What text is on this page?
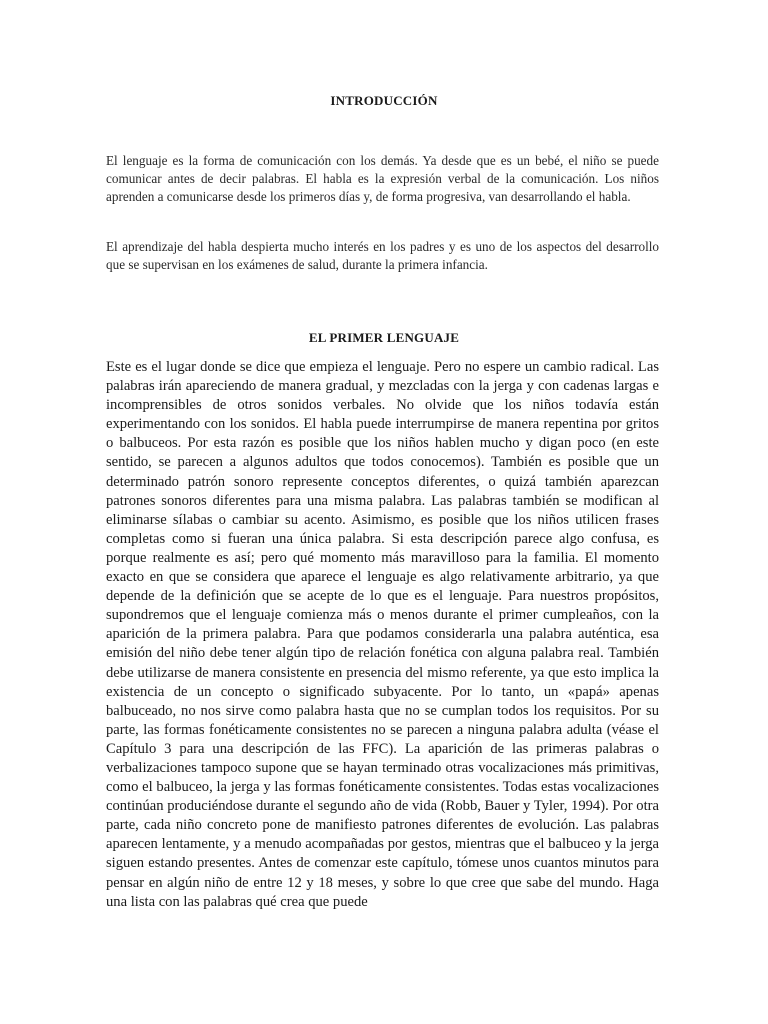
INTRODUCCIÓN

El lenguaje es la forma de comunicación con los demás. Ya desde que es un bebé, el niño se puede comunicar antes de decir palabras. El habla es la expresión verbal de la comunicación. Los niños aprenden a comunicarse desde los primeros días y, de forma progresiva, van desarrollando el habla.

El aprendizaje del habla despierta mucho interés en los padres y es uno de los aspectos del desarrollo que se supervisan en los exámenes de salud, durante la primera infancia.

EL PRIMER LENGUAJE

Este es el lugar donde se dice que empieza el lenguaje. Pero no espere un cambio radical. Las palabras irán apareciendo de manera gradual, y mezcladas con la jerga y con cadenas largas e incomprensibles de otros sonidos verbales. No olvide que los niños todavía están experimentando con los sonidos. El habla puede interrumpirse de manera repentina por gritos o balbuceos. Por esta razón es posible que los niños hablen mucho y digan poco (en este sentido, se parecen a algunos adultos que todos conocemos). También es posible que un determinado patrón sonoro represente conceptos diferentes, o quizá también aparezcan patrones sonoros diferentes para una misma palabra. Las palabras también se modifican al eliminarse sílabas o cambiar su acento. Asimismo, es posible que los niños utilicen frases completas como si fueran una única palabra. Si esta descripción parece algo confusa, es porque realmente es así; pero qué momento más maravilloso para la familia. El momento exacto en que se considera que aparece el lenguaje es algo relativamente arbitrario, ya que depende de la definición que se acepte de lo que es el lenguaje. Para nuestros propósitos, supondremos que el lenguaje comienza más o menos durante el primer cumpleaños, con la aparición de la primera palabra. Para que podamos considerarla una palabra auténtica, esa emisión del niño debe tener algún tipo de relación fonética con alguna palabra real. También debe utilizarse de manera consistente en presencia del mismo referente, ya que esto implica la existencia de un concepto o significado subyacente. Por lo tanto, un «papá» apenas balbuceado, no nos sirve como palabra hasta que no se cumplan todos los requisitos. Por su parte, las formas fonéticamente consistentes no se parecen a ninguna palabra adulta (véase el Capítulo 3 para una descripción de las FFC). La aparición de las primeras palabras o verbalizaciones tampoco supone que se hayan terminado otras vocalizaciones más primitivas, como el balbuceo, la jerga y las formas fonéticamente consistentes. Todas estas vocalizaciones continúan produciéndose durante el segundo año de vida (Robb, Bauer y Tyler, 1994). Por otra parte, cada niño concreto pone de manifiesto patrones diferentes de evolución. Las palabras aparecen lentamente, y a menudo acompañadas por gestos, mientras que el balbuceo y la jerga siguen estando presentes. Antes de comenzar este capítulo, tómese unos cuantos minutos para pensar en algún niño de entre 12 y 18 meses, y sobre lo que cree que sabe del mundo. Haga una lista con las palabras qué crea que puede
